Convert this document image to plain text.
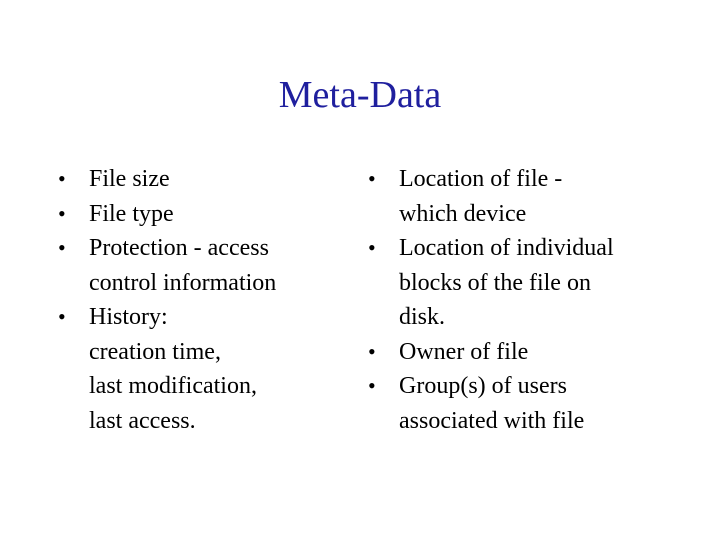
Meta-Data
• File size
• File type
• Protection - access
control information
• History:
creation time,
last modification,
last access.
• Location of file -
which device
• Location of individual
blocks of the file on
disk.
• Owner of file
• Group(s) of users
associated with file
